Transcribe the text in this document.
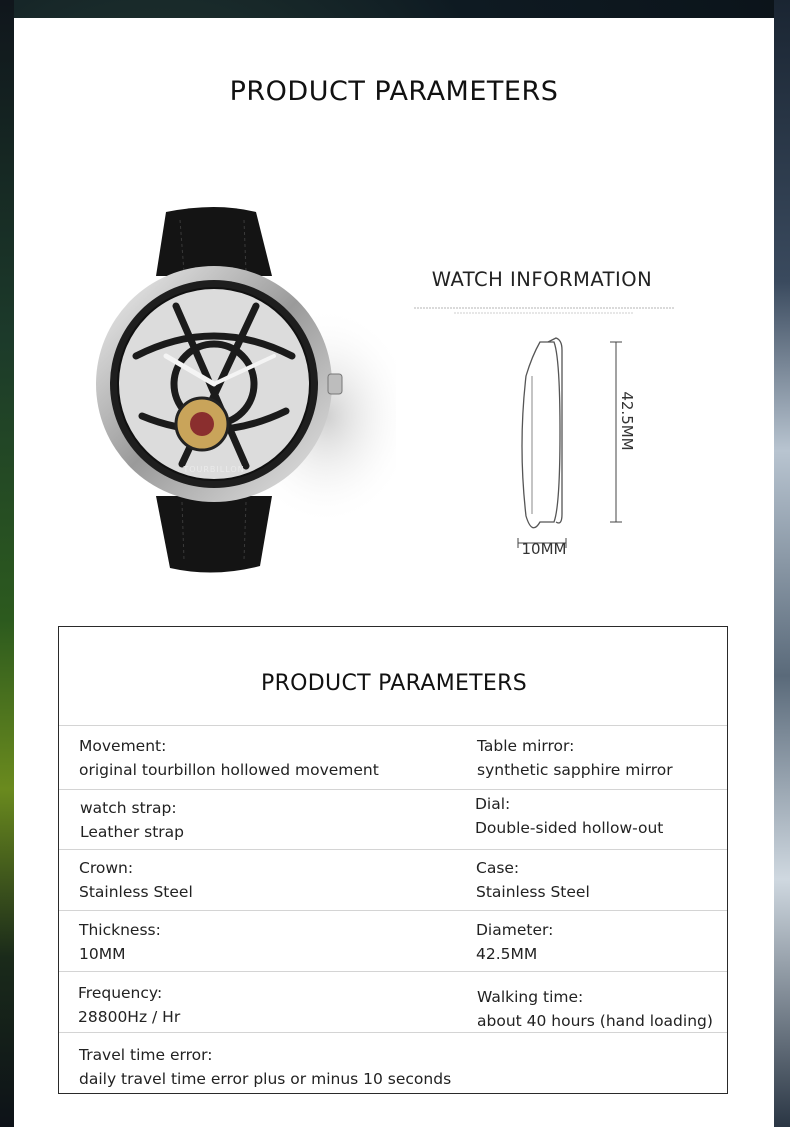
PRODUCT PARAMETERS
TOURBILLON
WATCH INFORMATION
42.5MM
10MM
PRODUCT PARAMETERS
Movement:
original tourbillon hollowed movement
Table mirror:
synthetic sapphire mirror
watch strap:
Leather strap
Dial:
Double-sided hollow-out
Crown:
Stainless Steel
Case:
Stainless Steel
Thickness:
10MM
Diameter:
42.5MM
Frequency:
28800Hz / Hr
Walking time:
about 40 hours (hand loading)
Travel time error:
daily travel time error plus or minus 10 seconds
